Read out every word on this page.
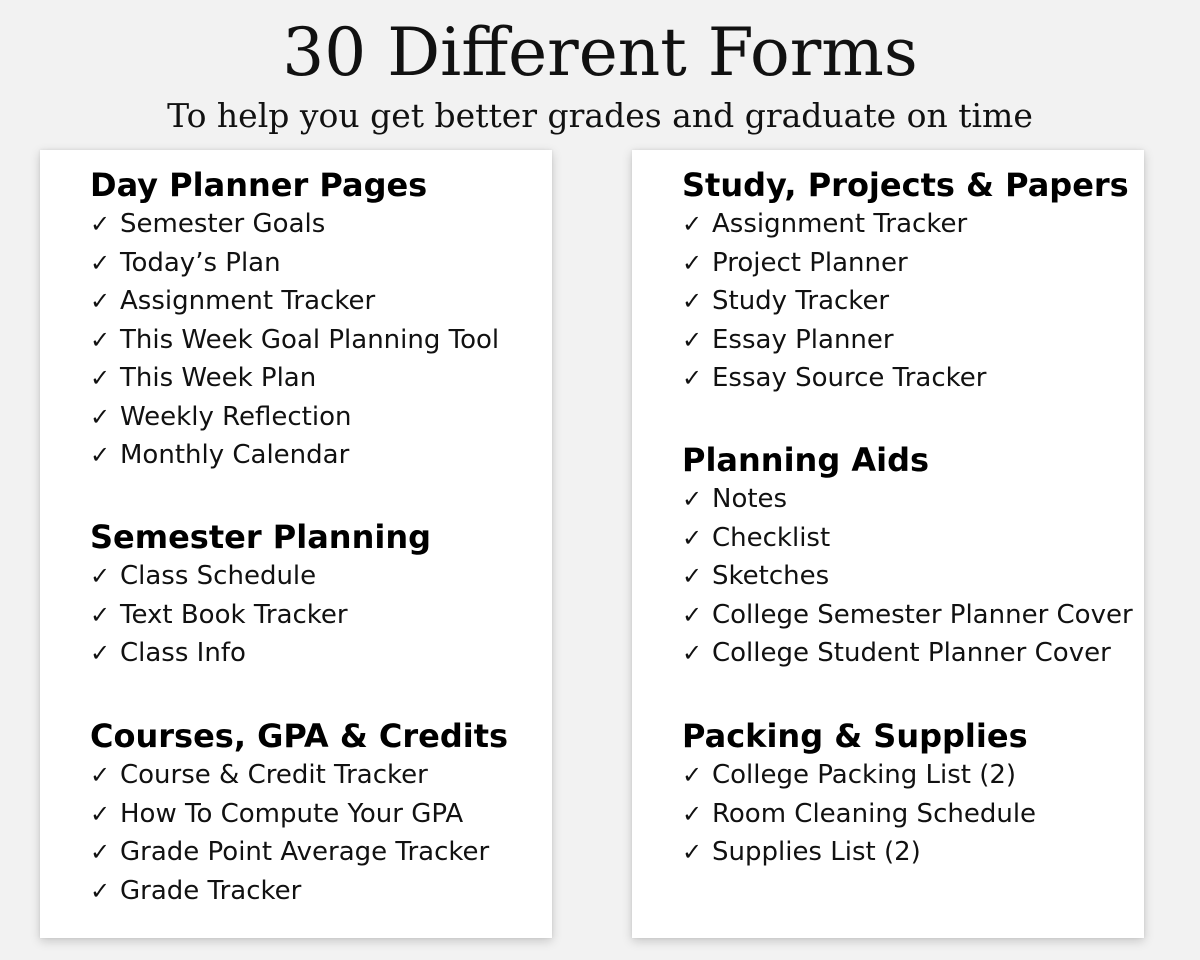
30 Different Forms
To help you get better grades and graduate on time
Day Planner Pages
✓ Semester Goals
✓ Today’s Plan
✓ Assignment Tracker
✓ This Week Goal Planning Tool
✓ This Week Plan
✓ Weekly Reflection
✓ Monthly Calendar
Semester Planning
✓ Class Schedule
✓ Text Book Tracker
✓ Class Info
Courses, GPA & Credits
✓ Course & Credit Tracker
✓ How To Compute Your GPA
✓ Grade Point Average Tracker
✓ Grade Tracker
Study, Projects & Papers
✓ Assignment Tracker
✓ Project Planner
✓ Study Tracker
✓ Essay Planner
✓ Essay Source Tracker
Planning Aids
✓ Notes
✓ Checklist
✓ Sketches
✓ College Semester Planner Cover
✓ College Student Planner Cover
Packing & Supplies
✓ College Packing List (2)
✓ Room Cleaning Schedule
✓ Supplies List (2)
